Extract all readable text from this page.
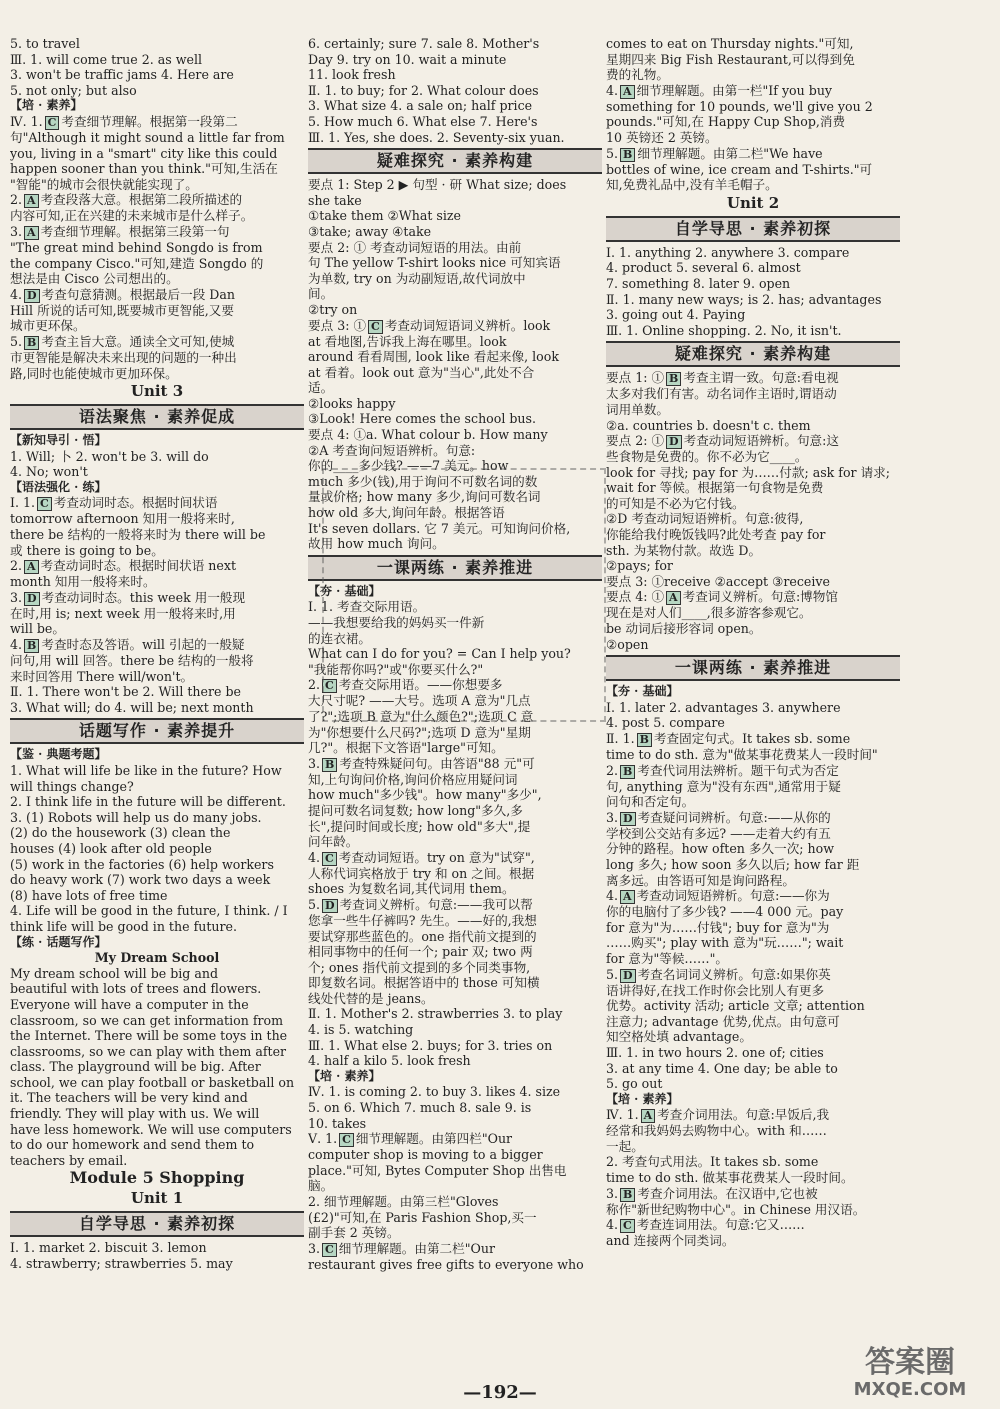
5. to travel
Ⅲ. 1. will come true 2. as well
3. won't be traffic jams 4. Here are
5. not only; but also
【培 · 素养】
Ⅳ. 1. C 考查细节理解。根据第一段第二
句"Although it might sound a little far from
you, living in a "smart" city like this could
happen sooner than you think."可知,生活在
"智能"的城市会很快就能实现了。
2. A 考查段落大意。根据第二段所描述的
内容可知,正在兴建的未来城市是什么样子。
3. A 考查细节理解。根据第三段第一句
"The great mind behind Songdo is from
the company Cisco."可知,建造 Songdo 的
想法是由 Cisco 公司想出的。
4. D 考查句意猜测。根据最后一段 Dan
Hill 所说的话可知,既要城市更智能,又要
城市更环保。
5. B 考查主旨大意。通读全文可知,使城
市更智能是解决未来出现的问题的一种出
路,同时也能使城市更加环保。
Unit 3
语法聚焦 · 素养促成
【新知导引 · 悟】
1. Will; 卜 2. won't be 3. will do
4. No; won't
【语法强化 · 练】
Ⅰ. 1. C 考查动词时态。根据时间状语
tomorrow afternoon 知用一般将来时,
there be 结构的一般将来时为 there will be
或 there is going to be。
2. A 考查动词时态。根据时间状语 next
month 知用一般将来时。
3. D 考查动词时态。this week 用一般现
在时,用 is; next week 用一般将来时,用
will be。
4. B 考查时态及答语。will 引起的一般疑
问句,用 will 回答。there be 结构的一般将
来时回答用 There will/won't。
Ⅱ. 1. There won't be 2. Will there be
3. What will; do 4. will be; next month
话题写作 · 素养提升
【鉴 · 典题考题】
1. What will life be like in the future? How
will things change?
2. I think life in the future will be different.
3. (1) Robots will help us do many jobs.
(2) do the housework (3) clean the
houses (4) look after old people
(5) work in the factories (6) help workers
do heavy work (7) work two days a week
(8) have lots of free time
4. Life will be good in the future, I think. / I
think life will be good in the future.
【练 · 话题写作】
My Dream School
My dream school will be big and
beautiful with lots of trees and flowers.
Everyone will have a computer in the
classroom, so we can get information from
the Internet. There will be some toys in the
classrooms, so we can play with them after
class. The playground will be big. After
school, we can play football or basketball on
it. The teachers will be very kind and
friendly. They will play with us. We will
have less homework. We will use computers
to do our homework and send them to
teachers by email.
Module 5 Shopping
Unit 1
自学导思 · 素养初探
Ⅰ. 1. market 2. biscuit 3. lemon
4. strawberry; strawberries 5. may
6. certainly; sure 7. sale 8. Mother's
Day 9. try on 10. wait a minute
11. look fresh
Ⅱ. 1. to buy; for 2. What colour does
3. What size 4. a sale on; half price
5. How much 6. What else 7. Here's
Ⅲ. 1. Yes, she does. 2. Seventy-six yuan.
疑难探究 · 素养构建
要点 1: Step 2 ▶ 句型 · 研 What size; does
she take
①take them ②What size
③take; away ④take
要点 2: ① 考查动词短语的用法。由前
句 The yellow T-shirt looks nice 可知宾语
为单数, try on 为动副短语,故代词放中
间。
②try on
要点 3: ① C 考查动词短语词义辨析。look
at 看地图,告诉我上海在哪里。look
around 看看周围, look like 看起来像, look
at 看着。look out 意为"当心",此处不合
适。
②looks happy
③Look! Here comes the school bus.
要点 4: ①a. What colour b. How many
②A 考查询问短语辨析。句意:
你的____多少钱? ——7 美元。how
much 多少(钱),用于询问不可数名词的数
量或价格; how many 多少,询问可数名词
how old 多大,询问年龄。根据答语
It's seven dollars. 它 7 美元。可知询问价格,
故用 how much 询问。
一课两练 · 素养推进
【夯 · 基础】
Ⅰ. 1. 考查交际用语。
——我想要给我的妈妈买一件新
的连衣裙。
What can I do for you? = Can I help you?
"我能帮你吗?"或"你要买什么?"
2. C 考查交际用语。——你想要多
大尺寸呢? ——大号。选项 A 意为"几点
了?";选项 B 意为"什么颜色?";选项 C 意
为"你想要什么尺码?";选项 D 意为"星期
几?"。根据下文答语"large"可知。
3. B 考查特殊疑问句。由答语"88 元"可
知,上句询问价格,询问价格应用疑问词
how much"多少钱"。how many"多少",
提问可数名词复数; how long"多久,多
长",提问时间或长度; how old"多大",提
问年龄。
4. C 考查动词短语。try on 意为"试穿",
人称代词宾格放于 try 和 on 之间。根据
shoes 为复数名词,其代词用 them。
5. D 考查词义辨析。句意:——我可以帮
您拿一些牛仔裤吗? 先生。——好的,我想
要试穿那些蓝色的。one 指代前文提到的
相同事物中的任何一个; pair 双; two 两
个; ones 指代前文提到的多个同类事物,
即复数名词。根据答语中的 those 可知横
线处代替的是 jeans。
Ⅱ. 1. Mother's 2. strawberries 3. to play
4. is 5. watching
Ⅲ. 1. What else 2. buys; for 3. tries on
4. half a kilo 5. look fresh
【培 · 素养】
Ⅳ. 1. is coming 2. to buy 3. likes 4. size
5. on 6. Which 7. much 8. sale 9. is
10. takes
Ⅴ. 1. C 细节理解题。由第四栏"Our
computer shop is moving to a bigger
place."可知, Bytes Computer Shop 出售电
脑。
2. 细节理解题。由第三栏"Gloves
(£2)"可知,在 Paris Fashion Shop,买一
副手套 2 英镑。
3. C 细节理解题。由第二栏"Our
restaurant gives free gifts to everyone who
comes to eat on Thursday nights."可知,
星期四来 Big Fish Restaurant,可以得到免
费的礼物。
4. A 细节理解题。由第一栏"If you buy
something for 10 pounds, we'll give you 2
pounds."可知,在 Happy Cup Shop,消费
10 英镑还 2 英镑。
5. B 细节理解题。由第二栏"We have
bottles of wine, ice cream and T-shirts."可
知,免费礼品中,没有羊毛帽子。
Unit 2
自学导思 · 素养初探
Ⅰ. 1. anything 2. anywhere 3. compare
4. product 5. several 6. almost
7. something 8. later 9. open
Ⅱ. 1. many new ways; is 2. has; advantages
3. going out 4. Paying
Ⅲ. 1. Online shopping. 2. No, it isn't.
疑难探究 · 素养构建
要点 1: ① B 考查主谓一致。句意:看电视
太多对我们有害。动名词作主语时,谓语动
词用单数。
②a. countries b. doesn't c. them
要点 2: ① D 考查动词短语辨析。句意:这
些食物是免费的。你不必为它____。
look for 寻找; pay for 为……付款; ask for 请求;
wait for 等候。根据第一句食物是免费
的可知是不必为它付钱。
②D 考查动词短语辨析。句意:彼得,
你能给我付晚饭钱吗?此处考查 pay for
sth. 为某物付款。故选 D。
②pays; for
要点 3: ①receive ②accept ③receive
要点 4: ① A 考查词义辨析。句意:博物馆
现在是对人们____,很多游客参观它。
be 动词后接形容词 open。
②open
一课两练 · 素养推进
【夯 · 基础】
Ⅰ. 1. later 2. advantages 3. anywhere
4. post 5. compare
Ⅱ. 1. B 考查固定句式。It takes sb. some
time to do sth. 意为"做某事花费某人一段时间"
2. B 考查代词用法辨析。题干句式为否定
句, anything 意为"没有东西",通常用于疑
问句和否定句。
3. D 考查疑问词辨析。句意:——从你的
学校到公交站有多远? ——走着大约有五
分钟的路程。how often 多久一次; how
long 多久; how soon 多久以后; how far 距
离多远。由答语可知是询问路程。
4. A 考查动词短语辨析。句意:——你为
你的电脑付了多少钱? ——4 000 元。pay
for 意为"为……付钱"; buy for 意为"为
……购买"; play with 意为"玩……"; wait
for 意为"等候……"。
5. D 考查名词词义辨析。句意:如果你英
语讲得好,在找工作时你会比别人有更多
优势。activity 活动; article 文章; attention
注意力; advantage 优势,优点。由句意可
知空格处填 advantage。
Ⅲ. 1. in two hours 2. one of; cities
3. at any time 4. One day; be able to
5. go out
【培 · 素养】
Ⅳ. 1. A 考查介词用法。句意:早饭后,我
经常和我妈妈去购物中心。with 和……
一起。
2. 考查句式用法。It takes sb. some
time to do sth. 做某事花费某人一段时间。
3. B 考查介词用法。在汉语中,它也被
称作"新世纪购物中心"。in Chinese 用汉语。
4. C 考查连词用法。句意:它又……
and 连接两个同类词。
—192—
答案圈
MXQE.COM
